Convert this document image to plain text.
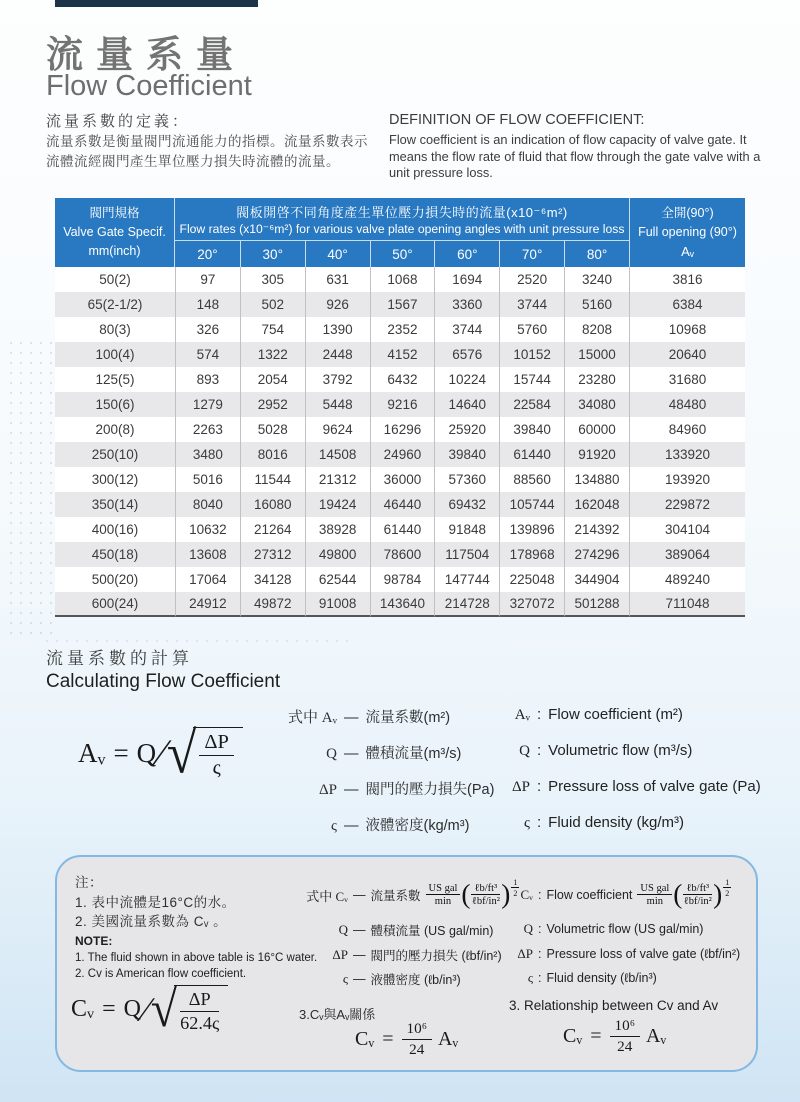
流量系量
Flow Coefficient
流量系數的定義：
流量系數是衡量閥門流通能力的指標。流量系數表示流體流經閥門產生單位壓力損失時流體的流量。
DEFINITION OF FLOW COEFFICIENT:
Flow coefficient is an indication of flow capacity of valve gate. It means the flow rate of fluid that flow through the gate valve with a unit pressure loss.
閥門規格
Valve Gate Specif.
mm(inch)
	閥板開啓不同角度產生單位壓力損失時的流量(x10⁻⁶m²)	全開(90°)
Full opening (90°)
Aᵥ

	Flow rates (x10⁻⁶m²) for various valve plate opening angles with unit pressure loss							
	20°	30°	40°	50°	60°	70°	80°	
50(2)	97	305	631	1068	1694	2520	3240	3816
65(2-1/2)	148	502	926	1567	3360	3744	5160	6384
80(3)	326	754	1390	2352	3744	5760	8208	10968
100(4)	574	1322	2448	4152	6576	10152	15000	20640
125(5)	893	2054	3792	6432	10224	15744	23280	31680
150(6)	1279	2952	5448	9216	14640	22584	34080	48480
200(8)	2263	5028	9624	16296	25920	39840	60000	84960
250(10)	3480	8016	14508	24960	39840	61440	91920	133920
300(12)	5016	11544	21312	36000	57360	88560	134880	193920
350(14)	8040	16080	19424	46440	69432	105744	162048	229872
400(16)	10632	21264	38928	61440	91848	139896	214392	304104
450(18)	13608	27312	49800	78600	117504	178968	274296	389064
500(20)	17064	34128	62544	98784	147744	225048	344904	489240
600(24)	24912	49872	91008	143640	214728	327072	501288	711048
流量系數的計算
Calculating Flow Coefficient
Aᵥ = Q ∕ √ $\frac{\Delta P}{\varsigma}$
式中 Aᵥ — 流量系數(m²)
Q — 體積流量(m³/s)
ΔP — 閥門的壓力損失(Pa)
ς — 液體密度(kg/m³)
Aᵥ : Flow coefficient (m²)
Q : Volumetric flow (m³/s)
ΔP : Pressure loss of valve gate (Pa)
ς : Fluid density (kg/m³)
注：
1. 表中流體是16°C的水。
2. 美國流量系數為 Cᵥ 。
NOTE:
1. The fluid shown in above table is 16°C water.
2. Cv is American flow coefficient.
式中 Cᵥ — 流量系數 $\frac{\text{US gal}}{\min}$ ( $\frac{\text{ℓb/ft³}}{\text{ℓbf/in²}}$ ) $\frac{1}{2}$
Q — 體積流量 (US gal/min)
ΔP — 閥門的壓力損失 (ℓbf/in²)
ς — 液體密度 (ℓb/in³)
Cᵥ : Flow coefficient $\frac{\text{US gal}}{\min}$ ( $\frac{\text{ℓb/ft³}}{\text{ℓbf/in²}}$ ) $\frac{1}{2}$
Q : Volumetric flow (US gal/min)
ΔP : Pressure loss of valve gate (ℓbf/in²)
ς : Fluid density (ℓb/in³)
Cᵥ = Q ∕ √ $\frac{\Delta P}{62.4\varsigma}$	3.Cᵥ與Aᵥ關係
Cᵥ = $\frac{\text{10⁶}}{24}$ Aᵥ
3. Relationship between Cv and Av
Cᵥ = $\frac{\text{10⁶}}{24}$ Aᵥ
